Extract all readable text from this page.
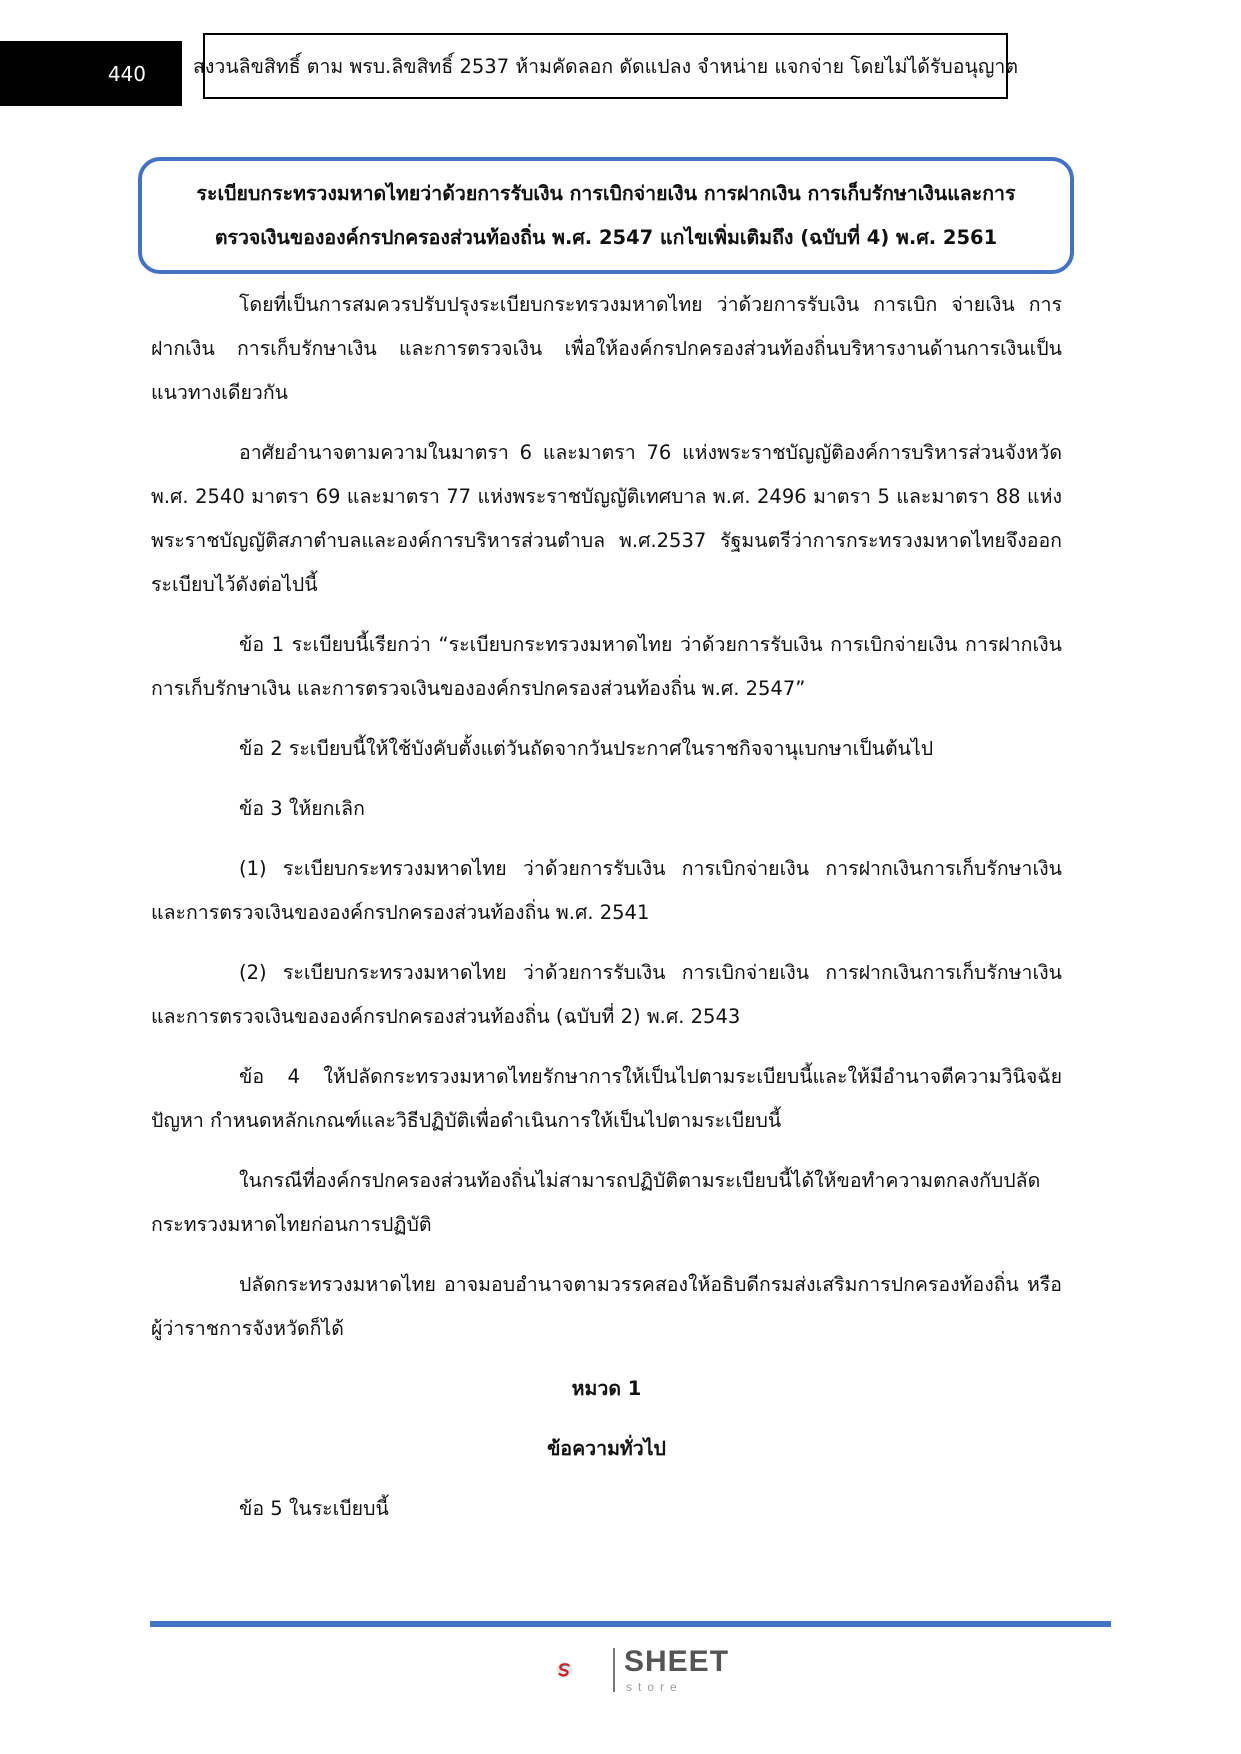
440 สงวนลิขสิทธิ์ ตาม พรบ.ลิขสิทธิ์ 2537 ห้ามคัดลอก ดัดแปลง จำหน่าย แจกจ่าย โดยไม่ได้รับอนุญาต
ระเบียบกระทรวงมหาดไทยว่าด้วยการรับเงิน การเบิกจ่ายเงิน การฝากเงิน การเก็บรักษาเงินและการ
ตรวจเงินขององค์กรปกครองส่วนท้องถิ่น พ.ศ. 2547 แกไขเพิ่มเติมถึง (ฉบับที่ 4) พ.ศ. 2561

โดยที่เป็นการสมควรปรับปรุงระเบียบกระทรวงมหาดไทย ว่าด้วยการรับเงิน การเบิก จ่ายเงิน การฝากเงิน การเก็บรักษาเงิน และการตรวจเงิน เพื่อให้องค์กรปกครองส่วนท้องถิ่นบริหารงานด้านการเงินเป็นแนวทางเดียวกัน

อาศัยอำนาจตามความในมาตรา 6 และมาตรา 76 แห่งพระราชบัญญัติองค์การบริหารส่วนจังหวัด พ.ศ. 2540 มาตรา 69 และมาตรา 77 แห่งพระราชบัญญัติเทศบาล พ.ศ. 2496 มาตรา 5 และมาตรา 88 แห่งพระราชบัญญัติสภาตำบลและองค์การบริหารส่วนตำบล พ.ศ.2537 รัฐมนตรีว่าการกระทรวงมหาดไทยจึงออกระเบียบไว้ดังต่อไปนี้

ข้อ 1 ระเบียบนี้เรียกว่า “ระเบียบกระทรวงมหาดไทย ว่าด้วยการรับเงิน การเบิกจ่ายเงิน การฝากเงิน การเก็บรักษาเงิน และการตรวจเงินขององค์กรปกครองส่วนท้องถิ่น พ.ศ. 2547”

ข้อ 2 ระเบียบนี้ให้ใช้บังคับตั้งแต่วันถัดจากวันประกาศในราชกิจจานุเบกษาเป็นต้นไป

ข้อ 3 ให้ยกเลิก

(1) ระเบียบกระทรวงมหาดไทย ว่าด้วยการรับเงิน การเบิกจ่ายเงิน การฝากเงินการเก็บรักษาเงิน และการตรวจเงินขององค์กรปกครองส่วนท้องถิ่น พ.ศ. 2541

(2) ระเบียบกระทรวงมหาดไทย ว่าด้วยการรับเงิน การเบิกจ่ายเงิน การฝากเงินการเก็บรักษาเงิน และการตรวจเงินขององค์กรปกครองส่วนท้องถิ่น (ฉบับที่ 2) พ.ศ. 2543

ข้อ 4 ให้ปลัดกระทรวงมหาดไทยรักษาการให้เป็นไปตามระเบียบนี้และให้มีอำนาจตีความวินิจฉัยปัญหา กำหนดหลักเกณฑ์และวิธีปฏิบัติเพื่อดำเนินการให้เป็นไปตามระเบียบนี้

ในกรณีที่องค์กรปกครองส่วนท้องถิ่นไม่สามารถปฏิบัติตามระเบียบนี้ได้ให้ขอทำความตกลงกับปลัดกระทรวงมหาดไทยก่อนการปฏิบัติ

ปลัดกระทรวงมหาดไทย อาจมอบอำนาจตามวรรคสองให้อธิบดีกรมส่งเสริมการปกครองท้องถิ่น หรือผู้ว่าราชการจังหวัดก็ได้

หมวด 1

ข้อความทั่วไป

ข้อ 5 ในระเบียบนี้

SHEET
store
